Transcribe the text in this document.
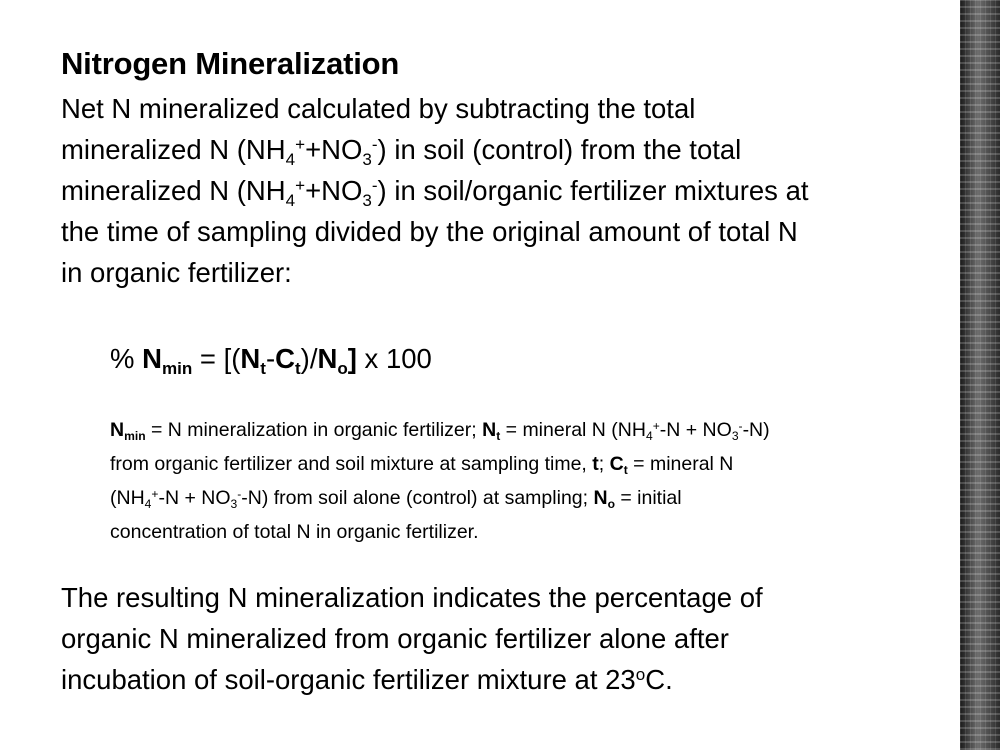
Nitrogen Mineralization
Net N mineralized calculated by subtracting the total
mineralized N $(NH_4^++NO_3^-)$ in soil (control) from the total
mineralized N $(NH_4^++NO_3^-)$ in soil/organic fertilizer mixtures at
the time of sampling divided by the original amount of total N
in organic fertilizer:
% $N_{min} = [(N_t-C_t)/N_o]$ x 100
$N_{min} = N$ mineralization in organic fertilizer; $N_t$ = mineral N $(NH_4^+-N + NO_3^--N)$
from organic fertilizer and soil mixture at sampling time, t; $C_t$ = mineral N
$(NH_4^+-N + NO_3^--N)$ from soil alone (control) at sampling; $N_o$ = initial
concentration of total N in organic fertilizer.
The resulting N mineralization indicates the percentage of
organic N mineralized from organic fertilizer alone after
incubation of soil-organic fertilizer mixture at 23$^o$C.
